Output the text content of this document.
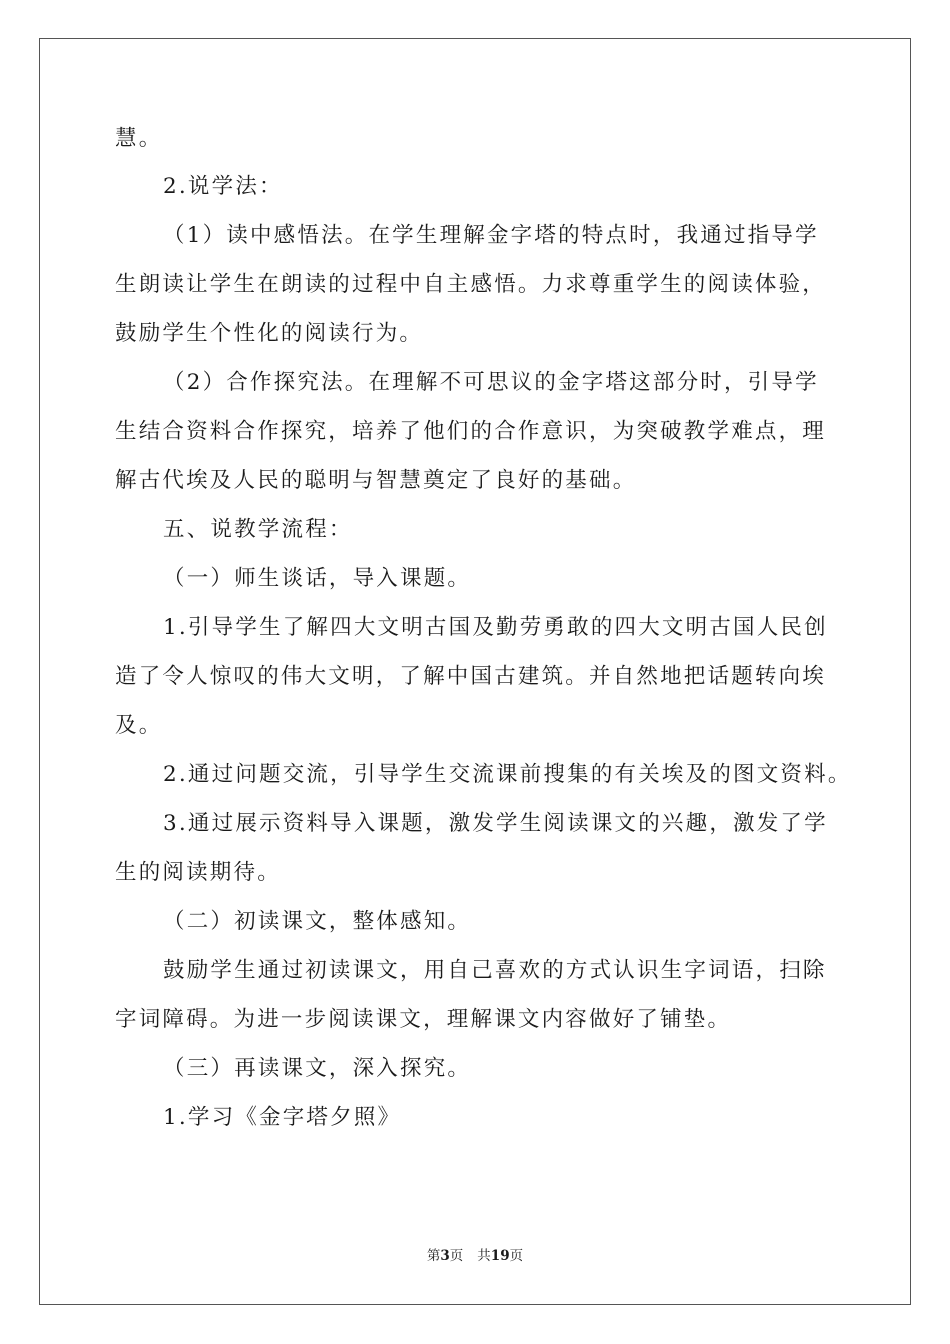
慧。
2.说学法：
（1）读中感悟法。在学生理解金字塔的特点时，我通过指导学
生朗读让学生在朗读的过程中自主感悟。力求尊重学生的阅读体验，
鼓励学生个性化的阅读行为。
（2）合作探究法。在理解不可思议的金字塔这部分时，引导学
生结合资料合作探究，培养了他们的合作意识，为突破教学难点，理
解古代埃及人民的聪明与智慧奠定了良好的基础。
五、说教学流程：
（一）师生谈话，导入课题。
1.引导学生了解四大文明古国及勤劳勇敢的四大文明古国人民创
造了令人惊叹的伟大文明，了解中国古建筑。并自然地把话题转向埃
及。
2.通过问题交流，引导学生交流课前搜集的有关埃及的图文资料。
3.通过展示资料导入课题，激发学生阅读课文的兴趣，激发了学
生的阅读期待。
（二）初读课文，整体感知。
鼓励学生通过初读课文，用自己喜欢的方式认识生字词语，扫除
字词障碍。为进一步阅读课文，理解课文内容做好了铺垫。
（三）再读课文，深入探究。
1.学习《金字塔夕照》
第3页 共19页
